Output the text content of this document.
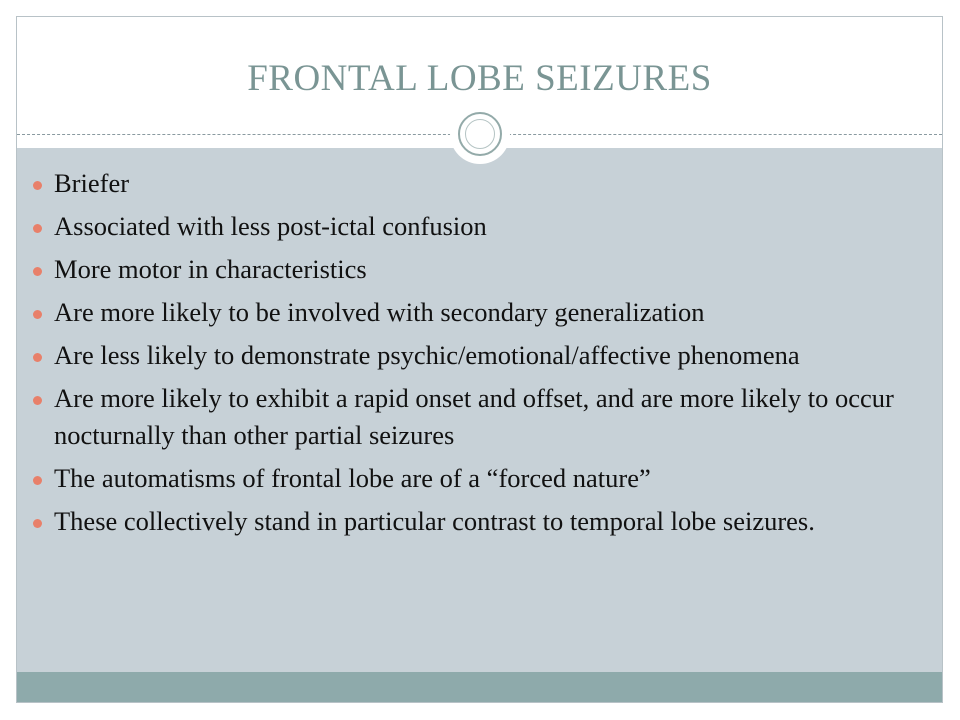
FRONTAL LOBE SEIZURES
Briefer
Associated with less post-ictal confusion
More motor in characteristics
Are more likely to be involved with secondary generalization
Are less likely to demonstrate psychic/emotional/affective phenomena
Are more likely to exhibit a rapid onset and offset, and are more likely to occur nocturnally than other partial seizures
The automatisms of frontal lobe are of a “forced nature”
These collectively stand in particular contrast to temporal lobe seizures.
